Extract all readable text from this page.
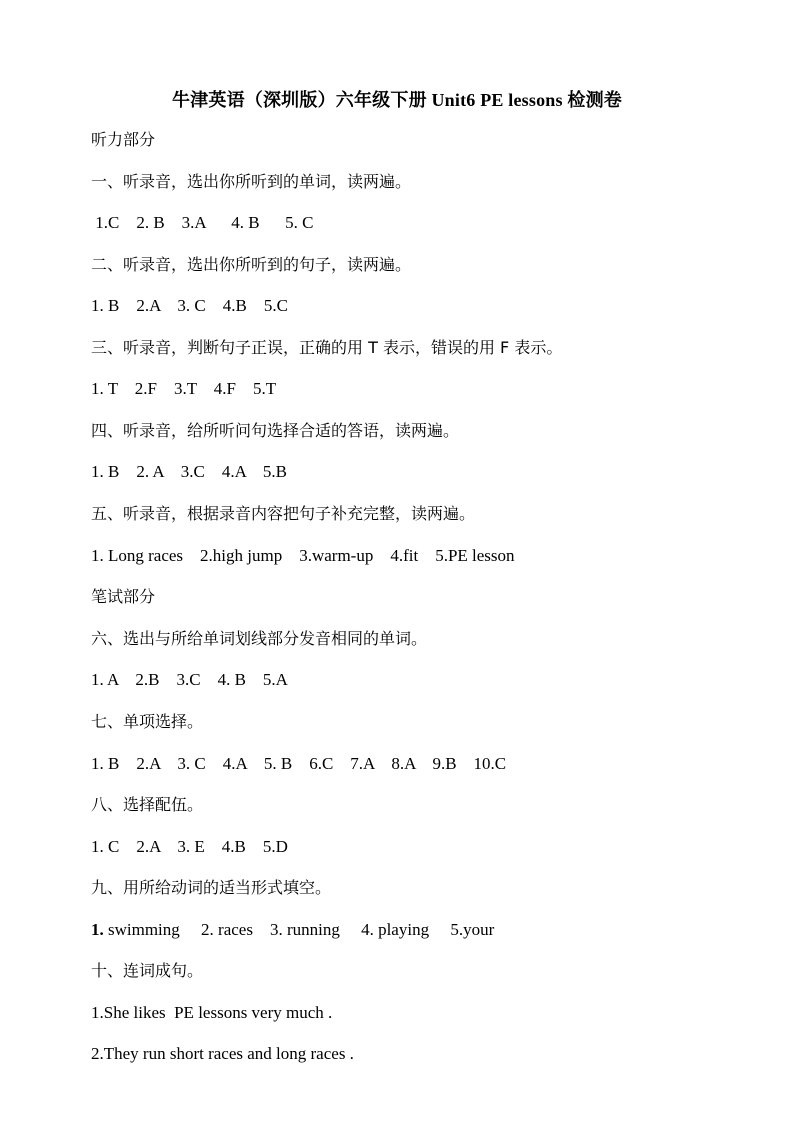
牛津英语（深圳版）六年级下册 Unit6 PE lessons 检测卷
听力部分
一、听录音，选出你所听到的单词，读两遍。
1.C    2. B    3.A      4. B      5. C
二、听录音，选出你所听到的句子，读两遍。
1. B    2.A    3. C    4.B    5.C
三、听录音，判断句子正误，正确的用 T 表示，错误的用 F 表示。
1. T    2.F    3.T    4.F    5.T
四、听录音，给所听问句选择合适的答语，读两遍。
1. B    2. A    3.C    4.A    5.B
五、听录音，根据录音内容把句子补充完整，读两遍。
1. Long races    2.high jump    3.warm-up    4.fit    5.PE lesson
笔试部分
六、选出与所给单词划线部分发音相同的单词。
1. A    2.B    3.C    4. B    5.A
七、单项选择。
1. B    2.A    3. C    4.A    5. B    6.C    7.A    8.A    9.B    10.C
八、选择配伍。
1. C    2.A    3. E    4.B    5.D
九、用所给动词的适当形式填空。
1. swimming     2. races    3. running     4. playing     5.your
十、连词成句。
1.She likes  PE lessons very much .
2.They run short races and long races .
